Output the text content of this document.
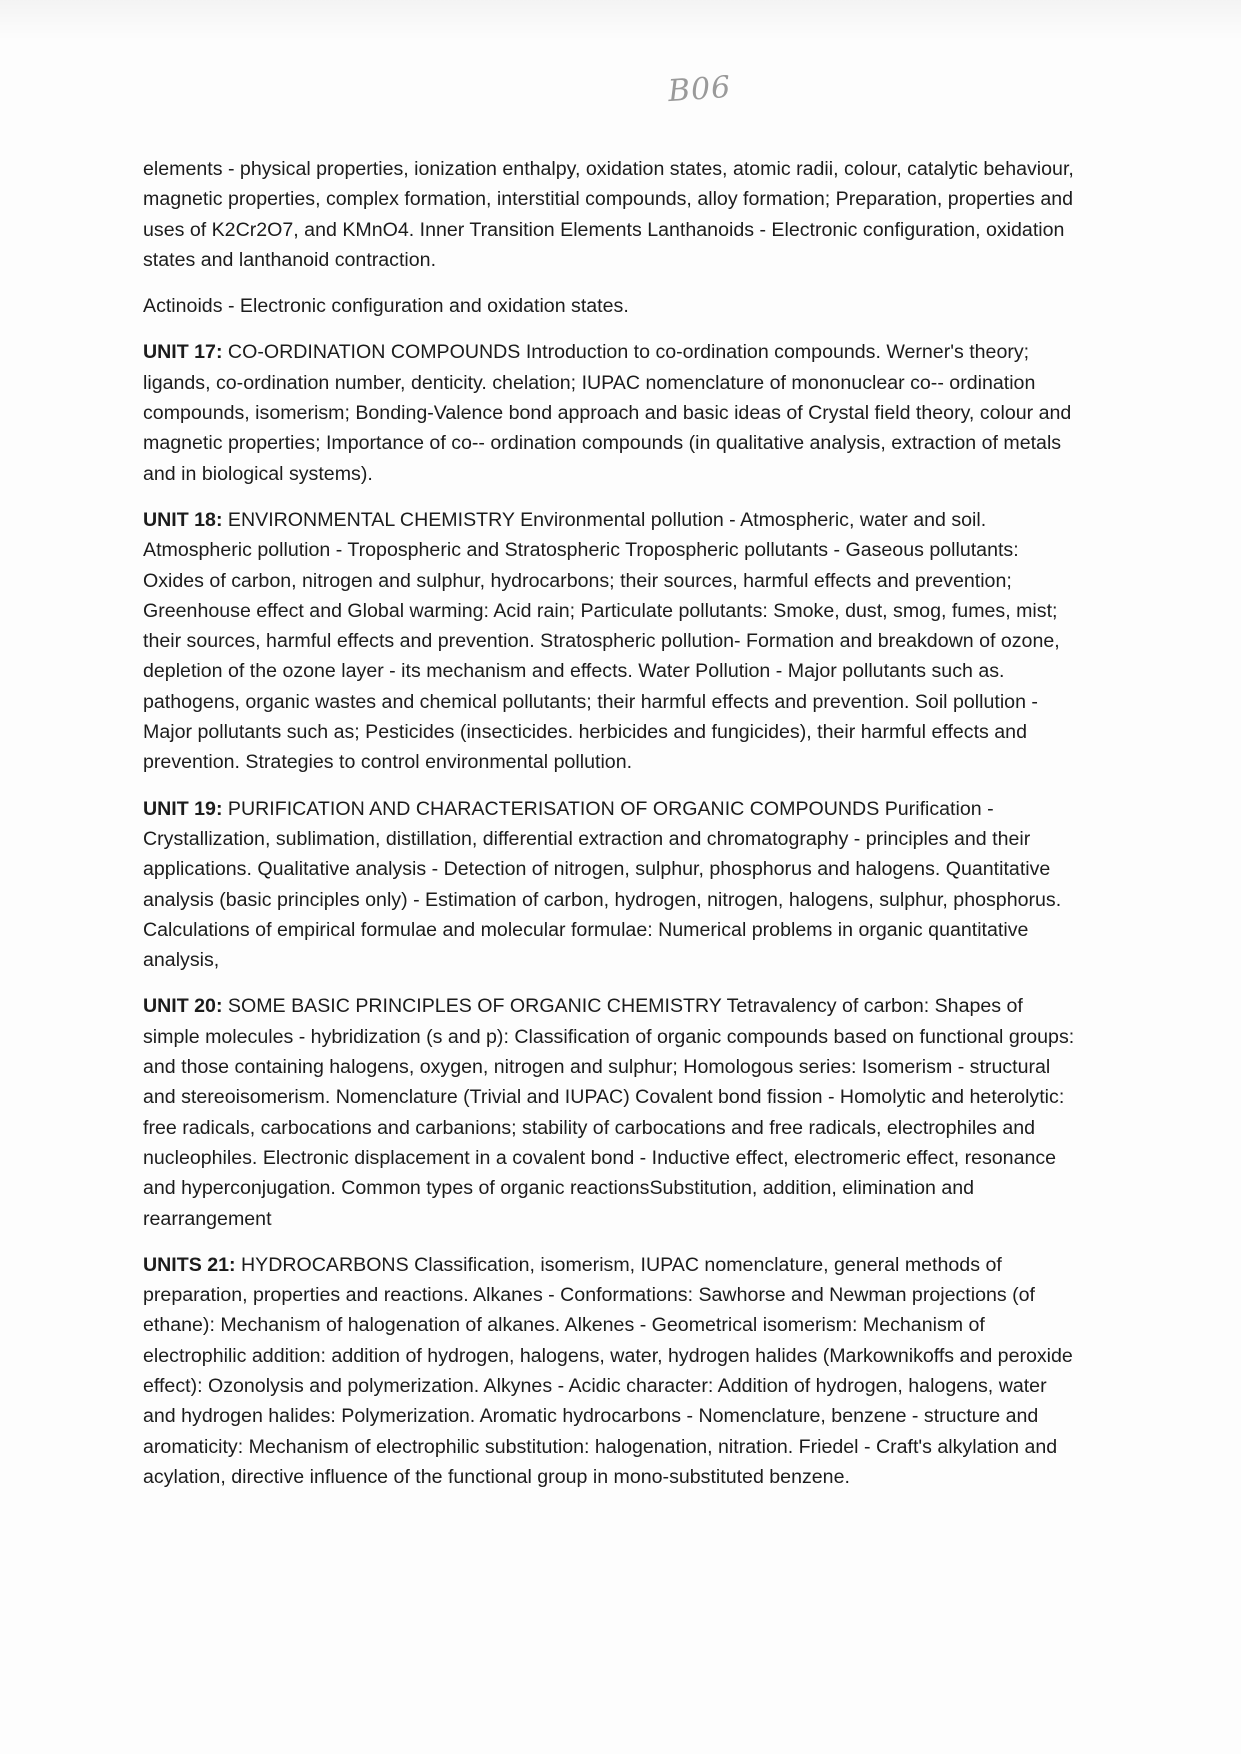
B06

elements - physical properties, ionization enthalpy, oxidation states, atomic radii, colour, catalytic behaviour, magnetic properties, complex formation, interstitial compounds, alloy formation; Preparation, properties and uses of K2Cr2O7, and KMnO4. Inner Transition Elements Lanthanoids - Electronic configuration, oxidation states and lanthanoid contraction.

Actinoids - Electronic configuration and oxidation states.

UNIT 17: CO-ORDINATION COMPOUNDS Introduction to co-ordination compounds. Werner's theory; ligands, co-ordination number, denticity. chelation; IUPAC nomenclature of mononuclear co-- ordination compounds, isomerism; Bonding-Valence bond approach and basic ideas of Crystal field theory, colour and magnetic properties; Importance of co-- ordination compounds (in qualitative analysis, extraction of metals and in biological systems).

UNIT 18: ENVIRONMENTAL CHEMISTRY Environmental pollution - Atmospheric, water and soil. Atmospheric pollution - Tropospheric and Stratospheric Tropospheric pollutants - Gaseous pollutants: Oxides of carbon, nitrogen and sulphur, hydrocarbons; their sources, harmful effects and prevention; Greenhouse effect and Global warming: Acid rain; Particulate pollutants: Smoke, dust, smog, fumes, mist; their sources, harmful effects and prevention. Stratospheric pollution- Formation and breakdown of ozone, depletion of the ozone layer - its mechanism and effects. Water Pollution - Major pollutants such as. pathogens, organic wastes and chemical pollutants; their harmful effects and prevention. Soil pollution - Major pollutants such as; Pesticides (insecticides. herbicides and fungicides), their harmful effects and prevention. Strategies to control environmental pollution.

UNIT 19: PURIFICATION AND CHARACTERISATION OF ORGANIC COMPOUNDS Purification - Crystallization, sublimation, distillation, differential extraction and chromatography - principles and their applications. Qualitative analysis - Detection of nitrogen, sulphur, phosphorus and halogens. Quantitative analysis (basic principles only) - Estimation of carbon, hydrogen, nitrogen, halogens, sulphur, phosphorus. Calculations of empirical formulae and molecular formulae: Numerical problems in organic quantitative analysis,

UNIT 20: SOME BASIC PRINCIPLES OF ORGANIC CHEMISTRY Tetravalency of carbon: Shapes of simple molecules - hybridization (s and p): Classification of organic compounds based on functional groups: and those containing halogens, oxygen, nitrogen and sulphur; Homologous series: Isomerism - structural and stereoisomerism. Nomenclature (Trivial and IUPAC) Covalent bond fission - Homolytic and heterolytic: free radicals, carbocations and carbanions; stability of carbocations and free radicals, electrophiles and nucleophiles. Electronic displacement in a covalent bond - Inductive effect, electromeric effect, resonance and hyperconjugation. Common types of organic reactionsSubstitution, addition, elimination and rearrangement

UNITS 21: HYDROCARBONS Classification, isomerism, IUPAC nomenclature, general methods of preparation, properties and reactions. Alkanes - Conformations: Sawhorse and Newman projections (of ethane): Mechanism of halogenation of alkanes. Alkenes - Geometrical isomerism: Mechanism of electrophilic addition: addition of hydrogen, halogens, water, hydrogen halides (Markownikoffs and peroxide effect): Ozonolysis and polymerization. Alkynes - Acidic character: Addition of hydrogen, halogens, water and hydrogen halides: Polymerization. Aromatic hydrocarbons - Nomenclature, benzene - structure and aromaticity: Mechanism of electrophilic substitution: halogenation, nitration. Friedel - Craft's alkylation and acylation, directive influence of the functional group in mono-substituted benzene.
